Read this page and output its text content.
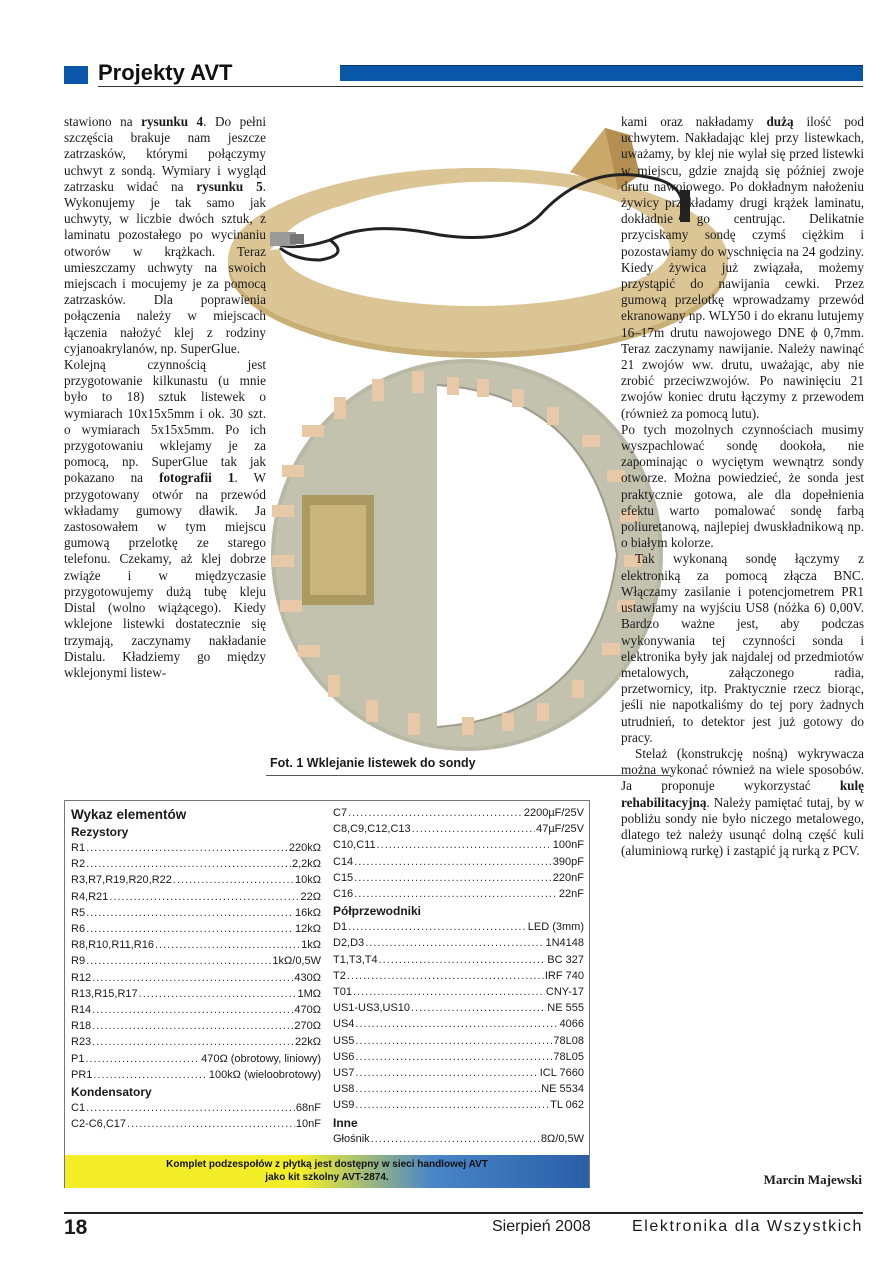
Projekty AVT
Fot. 1 Wklejanie listewek do sondy

stawiono na rysunku 4. Do pełni szczęścia brakuje nam jeszcze zatrzasków, którymi połączymy uchwyt z sondą. Wymiary i wygląd zatrzasku widać na rysunku 5. Wykonujemy je tak samo jak uchwyty, w liczbie dwóch sztuk, z laminatu pozostałego po wycinaniu otworów w krążkach. Teraz umieszczamy uchwyty na swoich miejscach i mocujemy je za pomocą zatrzasków. Dla poprawienia połączenia należy w miejscach łączenia nałożyć klej z rodziny cyjanoakrylanów, np. SuperGlue.

Kolejną czynnością jest przygotowanie kilkunastu (u mnie było to 18) sztuk listewek o wymiarach 10x15x5mm i ok. 30 szt. o wymiarach 5x15x5mm. Po ich przygotowaniu wklejamy je za pomocą, np. SuperGlue tak jak pokazano na fotografii 1. W przygotowany otwór na przewód wkładamy gumowy dławik. Ja zastosowałem w tym miejscu gumową przelotkę ze starego telefonu. Czekamy, aż klej dobrze zwiąże i w międzyczasie przygotowujemy dużą tubę kleju Distal (wolno wiążącego). Kiedy wklejone listewki dostatecznie się trzymają, zaczynamy nakładanie Distalu. Kładziemy go między wklejonymi listew-

kami oraz nakładamy dużą ilość pod uchwytem. Nakładając klej przy listewkach, uważamy, by klej nie wylał się przed listewki w miejscu, gdzie znajdą się później zwoje drutu nawojowego. Po dokładnym nałożeniu żywicy przykładamy drugi krążek laminatu, dokładnie go centrując. Delikatnie przyciskamy sondę czymś ciężkim i pozostawiamy do wyschnięcia na 24 godziny. Kiedy żywica już związała, możemy przystąpić do nawijania cewki. Przez gumową przelotkę wprowadzamy przewód ekranowany np. WLY50 i do ekranu lutujemy 16–17m drutu nawojowego DNE ϕ 0,7mm. Teraz zaczynamy nawijanie. Należy nawinąć 21 zwojów ww. drutu, uważając, aby nie zrobić przeciwzwojów. Po nawinięciu 21 zwojów koniec drutu łączymy z przewodem (również za pomocą lutu).

Po tych mozolnych czynnościach musimy wyszpachlować sondę dookoła, nie zapominając o wyciętym wewnątrz sondy otworze. Można powiedzieć, że sonda jest praktycznie gotowa, ale dla dopełnienia efektu warto pomalować sondę farbą poliuretanową, najlepiej dwuskładnikową np. o białym kolorze.

Tak wykonaną sondę łączymy z elektroniką za pomocą złącza BNC. Włączamy zasilanie i potencjometrem PR1 ustawiamy na wyjściu US8 (nóżka 6) 0,00V. Bardzo ważne jest, aby podczas wykonywania tej czynności sonda i elektronika były jak najdalej od przedmiotów metalowych, załączonego radia, przetwornicy, itp. Praktycznie rzecz biorąc, jeśli nie napotkaliśmy do tej pory żadnych utrudnień, to detektor jest już gotowy do pracy.

Stelaż (konstrukcję nośną) wykrywacza można wykonać również na wiele sposobów. Ja proponuje wykorzystać kulę rehabilitacyjną. Należy pamiętać tutaj, by w pobliżu sondy nie było niczego metalowego, dlatego też należy usunąć dolną część kuli (aluminiową rurkę) i zastąpić ją rurką z PCV.

Wykaz elementów
Rezystory
R1 .....	220kΩ
R2 .....	2,2kΩ
R3,R7,R19,R20,R22 .....	10kΩ
R4,R21 .....	22Ω
R5 .....	16kΩ
R6 .....	12kΩ
R8,R10,R11,R16 .....	1kΩ
R9 .....	1kΩ/0,5W
R12 .....	430Ω
R13,R15,R17 .....	1MΩ
R14 .....	470Ω
R18 .....	270Ω
R23 .....	22kΩ
P1 .....	470Ω (obrotowy, liniowy)
PR1 .....	100kΩ (wieloobrotowy)
Kondensatory
C1 .....	68nF
C2-C6,C17 .....	10nF
C7 .....	2200µF/25V
C8,C9,C12,C13 .....	47µF/25V
C10,C11 .....	100nF
C14 .....	390pF
C15 .....	220nF
C16 .....	22nF
Półprzewodniki
D1 .....	LED (3mm)
D2,D3 .....	1N4148
T1,T3,T4 .....	BC 327
T2 .....	IRF 740
T01 .....	CNY-17
US1-US3,US10 .....	NE 555
US4 .....	4066
US5 .....	78L08
US6 .....	78L05
US7 .....	ICL 7660
US8 .....	NE 5534
US9 .....	TL 062
Inne
Głośnik .....	8Ω/0,5W
Komplet podzespołów z płytką jest dostępny w sieci handlowej AVT
jako kit szkolny AVT-2874.	Marcin Majewski
18	Sierpień 2008	Elektronika dla Wszystkich
